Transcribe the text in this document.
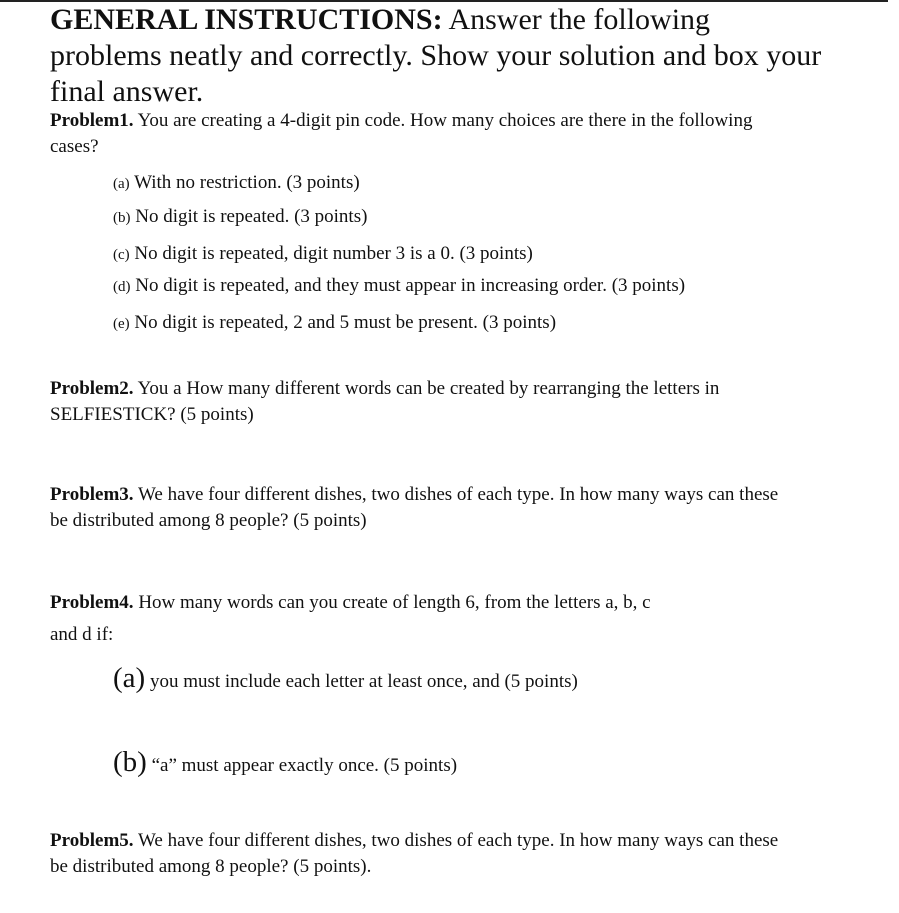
GENERAL INSTRUCTIONS: Answer the following
problems neatly and correctly. Show your solution and box your
final answer.
Problem1. You are creating a 4-digit pin code. How many choices are there in the following
cases?
(a) With no restriction. (3 points)
(b) No digit is repeated. (3 points)
(c) No digit is repeated, digit number 3 is a 0. (3 points)
(d) No digit is repeated, and they must appear in increasing order. (3 points)
(e) No digit is repeated, 2 and 5 must be present. (3 points)
Problem2. You a How many different words can be created by rearranging the letters in
SELFIESTICK? (5 points)
Problem3. We have four different dishes, two dishes of each type. In how many ways can these
be distributed among 8 people? (5 points)
Problem4. How many words can you create of length 6, from the letters a, b, c
and d if:
(a) you must include each letter at least once, and (5 points)
(b) “a” must appear exactly once. (5 points)
Problem5. We have four different dishes, two dishes of each type. In how many ways can these
be distributed among 8 people? (5 points).
